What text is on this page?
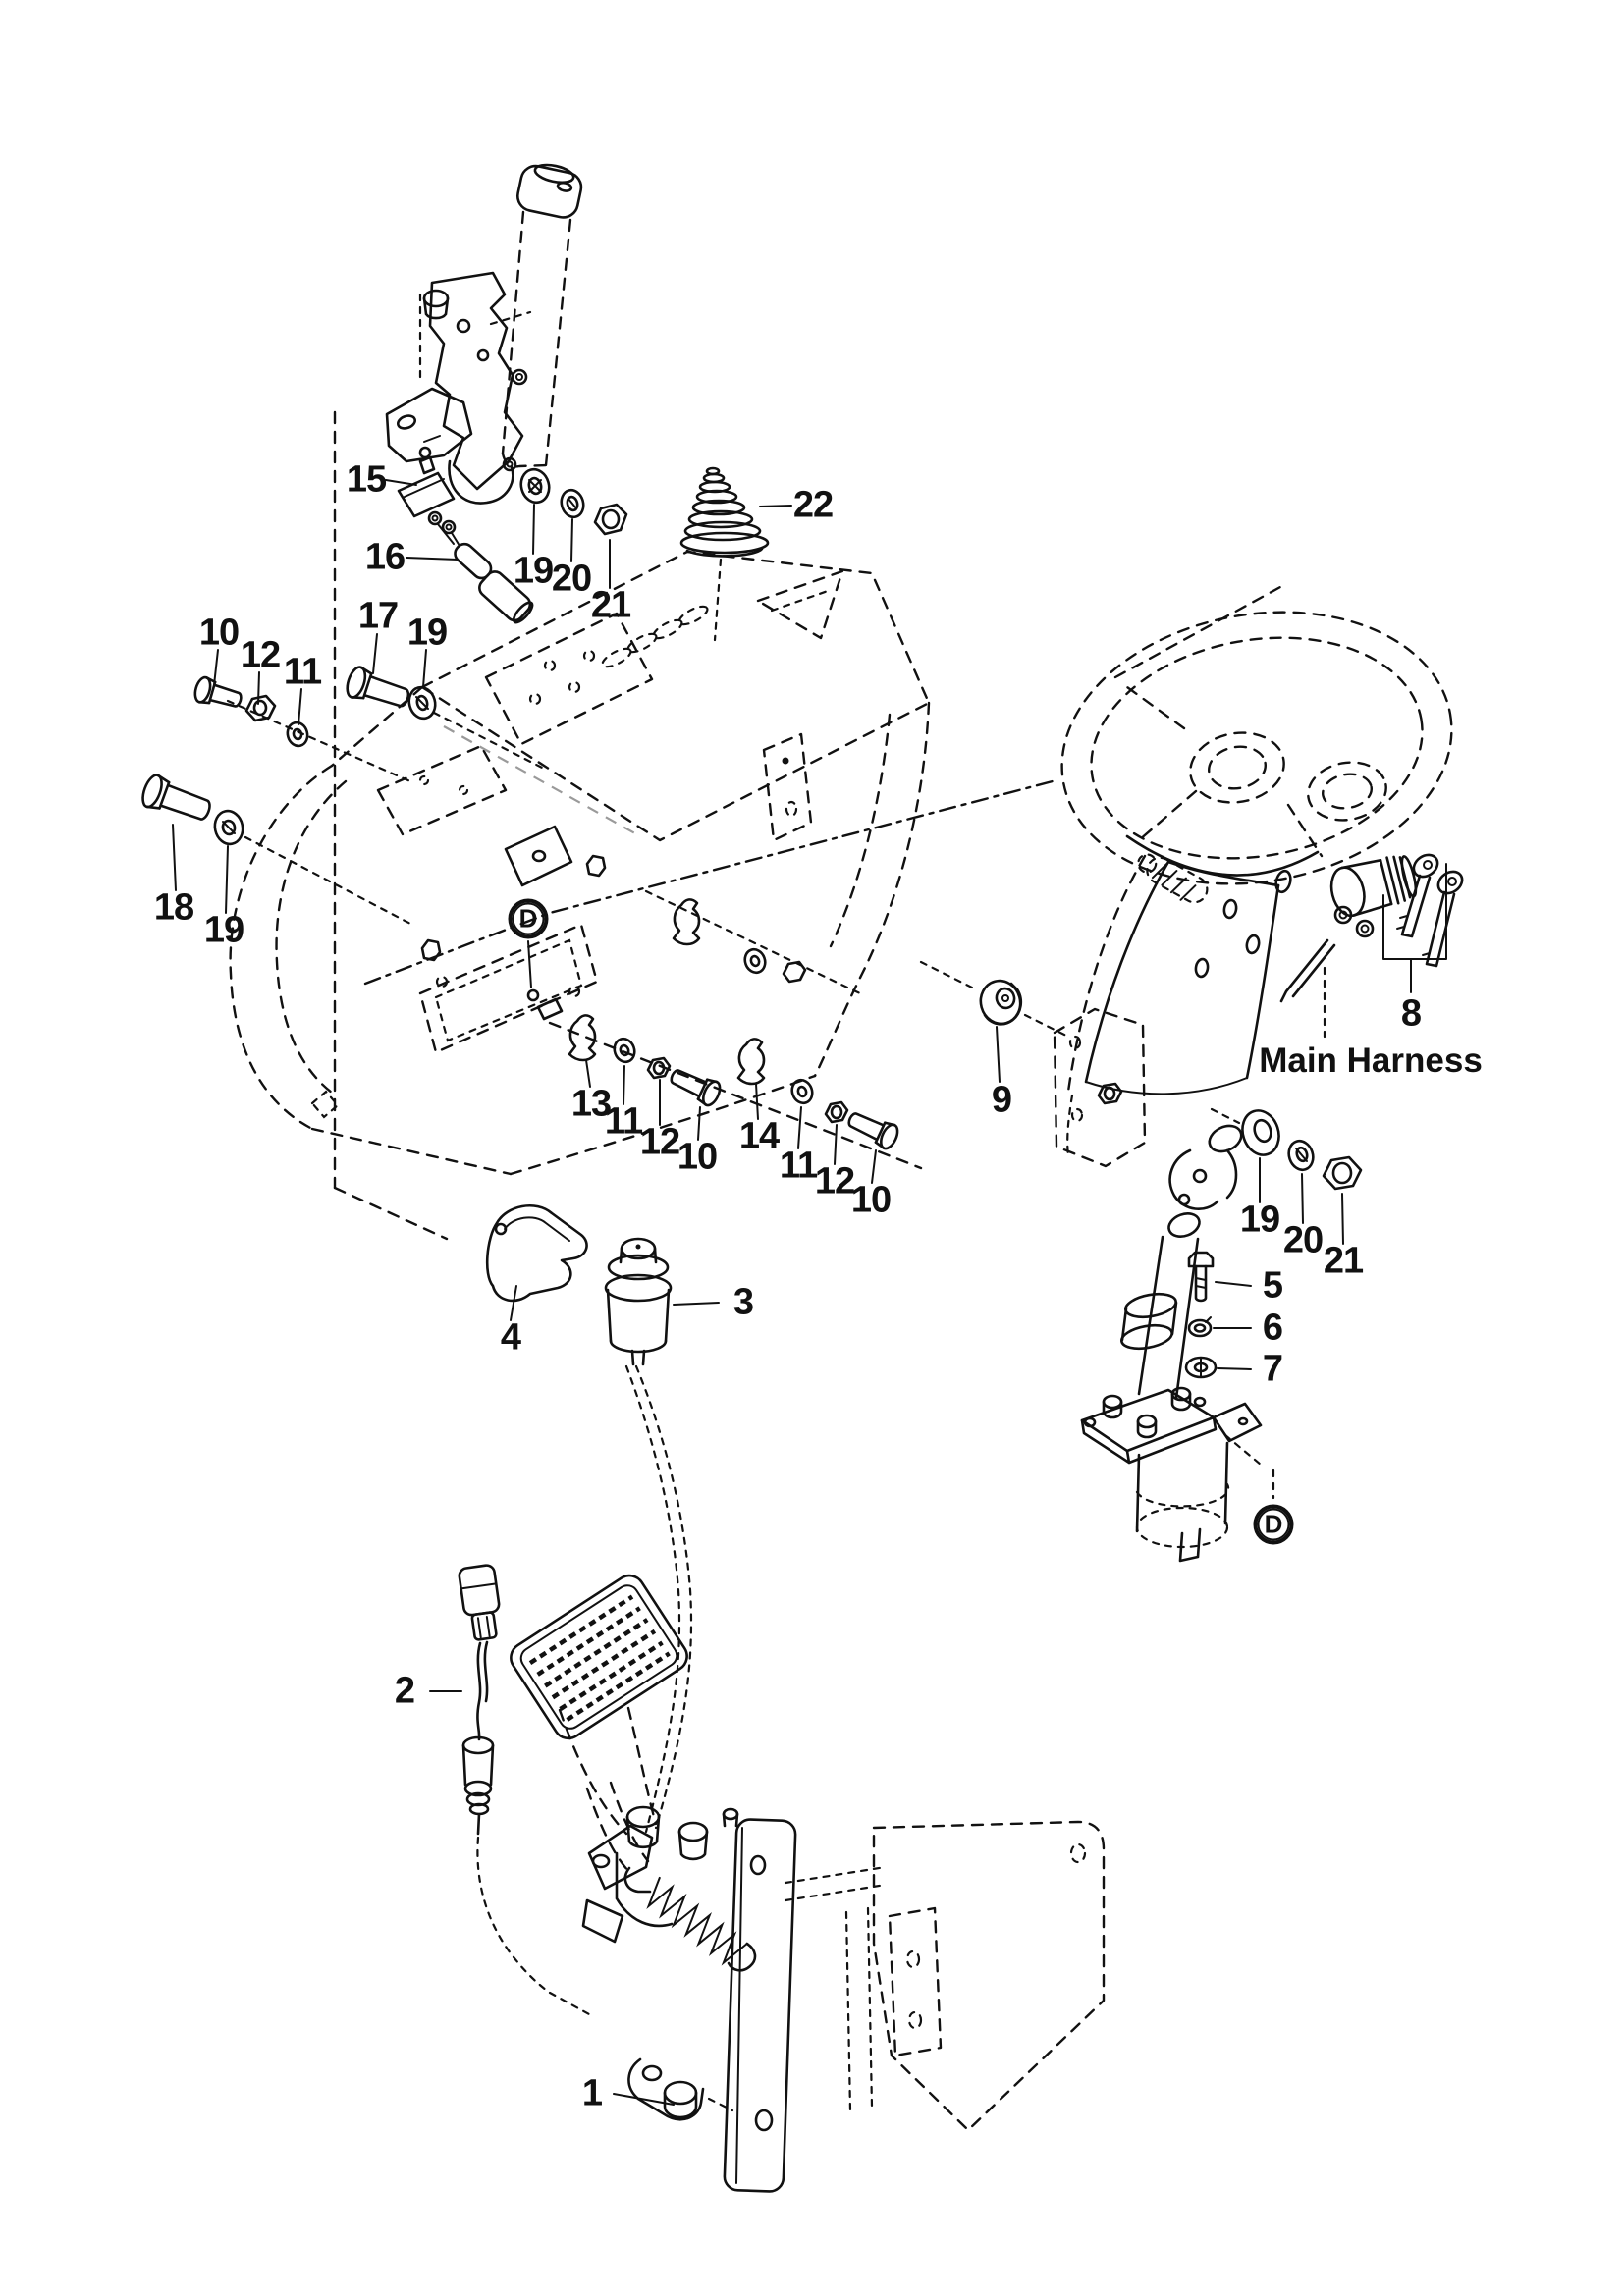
1
2
3
4
5
6
7
8
9
10
12 11
17 19
18
19
15
16	19
20
21
22
13
11
12
10 14
11
12
10	19 20 21
D
D
Main Harness
